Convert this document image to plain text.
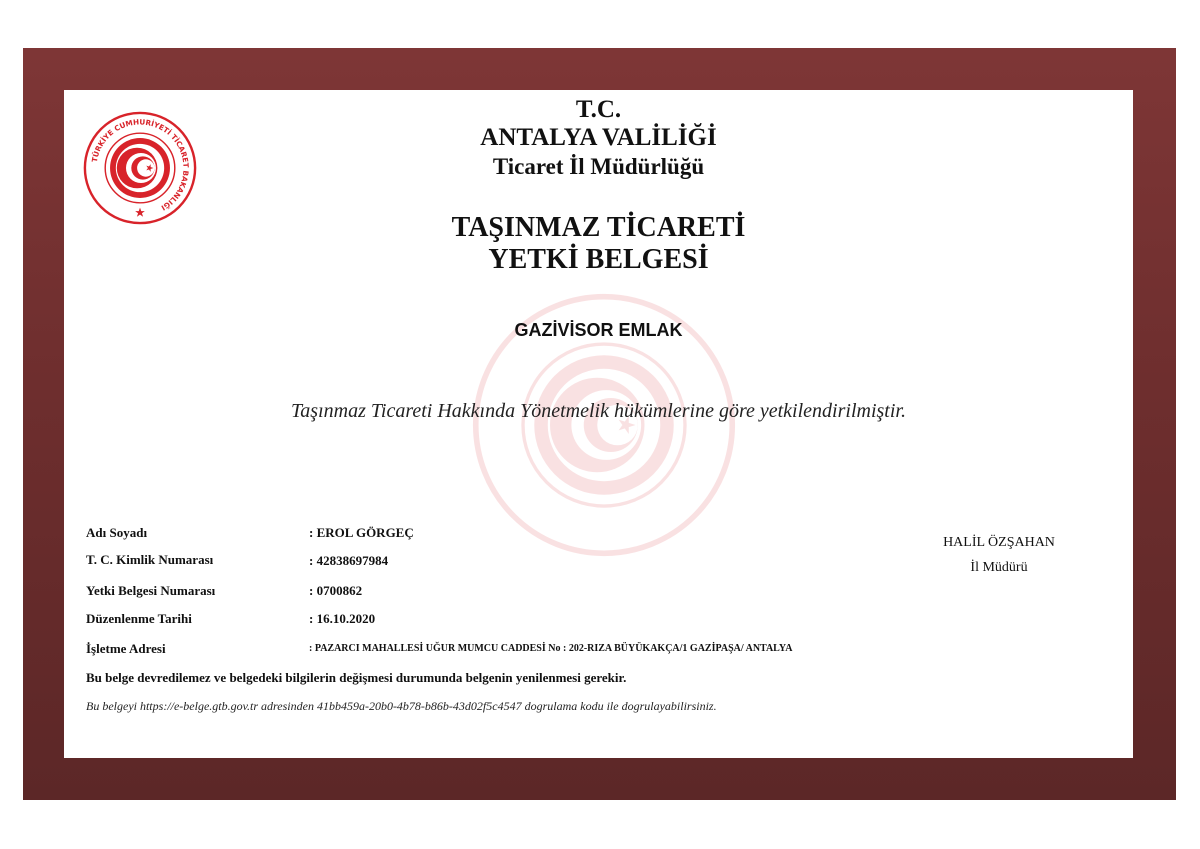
TÜRKİYE CUMHURİYETİ TİCARET BAKANLIĞI
T.C.
ANTALYA VALİLİĞİ
Ticaret İl Müdürlüğü
TAŞINMAZ TİCARETİ
YETKİ BELGESİ
GAZİVİSOR EMLAK
Taşınmaz Ticareti Hakkında Yönetmelik hükümlerine göre yetkilendirilmiştir.
Adı Soyadı	: EROL GÖRGEÇ
T. C. Kimlik Numarası	: 42838697984
Yetki Belgesi Numarası	: 0700862
Düzenlenme Tarihi	: 16.10.2020
İşletme Adresi	: PAZARCI MAHALLESİ UĞUR MUMCU CADDESİ No : 202-RIZA BÜYÜKAKÇA/1 GAZİPAŞA/ ANTALYA
Bu belge devredilemez ve belgedeki bilgilerin değişmesi durumunda belgenin yenilenmesi gerekir.
Bu belgeyi https://e-belge.gtb.gov.tr adresinden 41bb459a-20b0-4b78-b86b-43d02f5c4547 dogrulama kodu ile dogrulayabilirsiniz.
HALİL ÖZŞAHAN
İl Müdürü
